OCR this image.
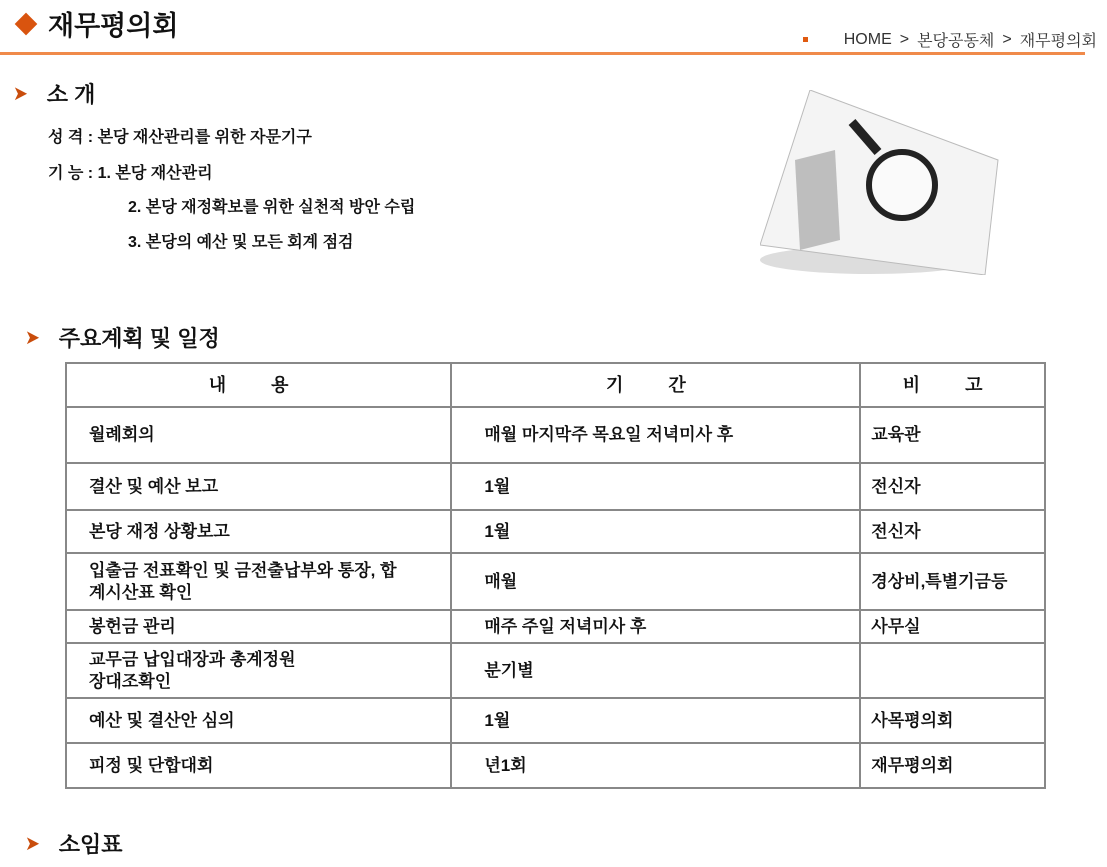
재무평의회	HOME > 본당공동체 > 재무평의회
➤ 소 개
성 격 : 본당 재산관리를 위한 자문기구
기 능 : 1. 본당 재산관리
2. 본당 재정확보를 위한 실천적 방안 수립
3. 본당의 예산 및 모든 회계 점검
➤ 주요계획 및 일정
내 용	기 간	비 고
월례회의	매월 마지막주 목요일 저녁미사 후	교육관
결산 및 예산 보고	1월	전신자
본당 재정 상황보고	1월	전신자
입출금 전표확인 및 금전출납부와 통장, 합계시산표 확인	매월	경상비,특별기금등
봉헌금 관리	매주 주일 저녁미사 후	사무실
교무금 납입대장과 총계정원장대조확인	분기별	
예산 및 결산안 심의	1월	사목평의회
피정 및 단합대회	년1회	재무평의회
➤ 소임표
